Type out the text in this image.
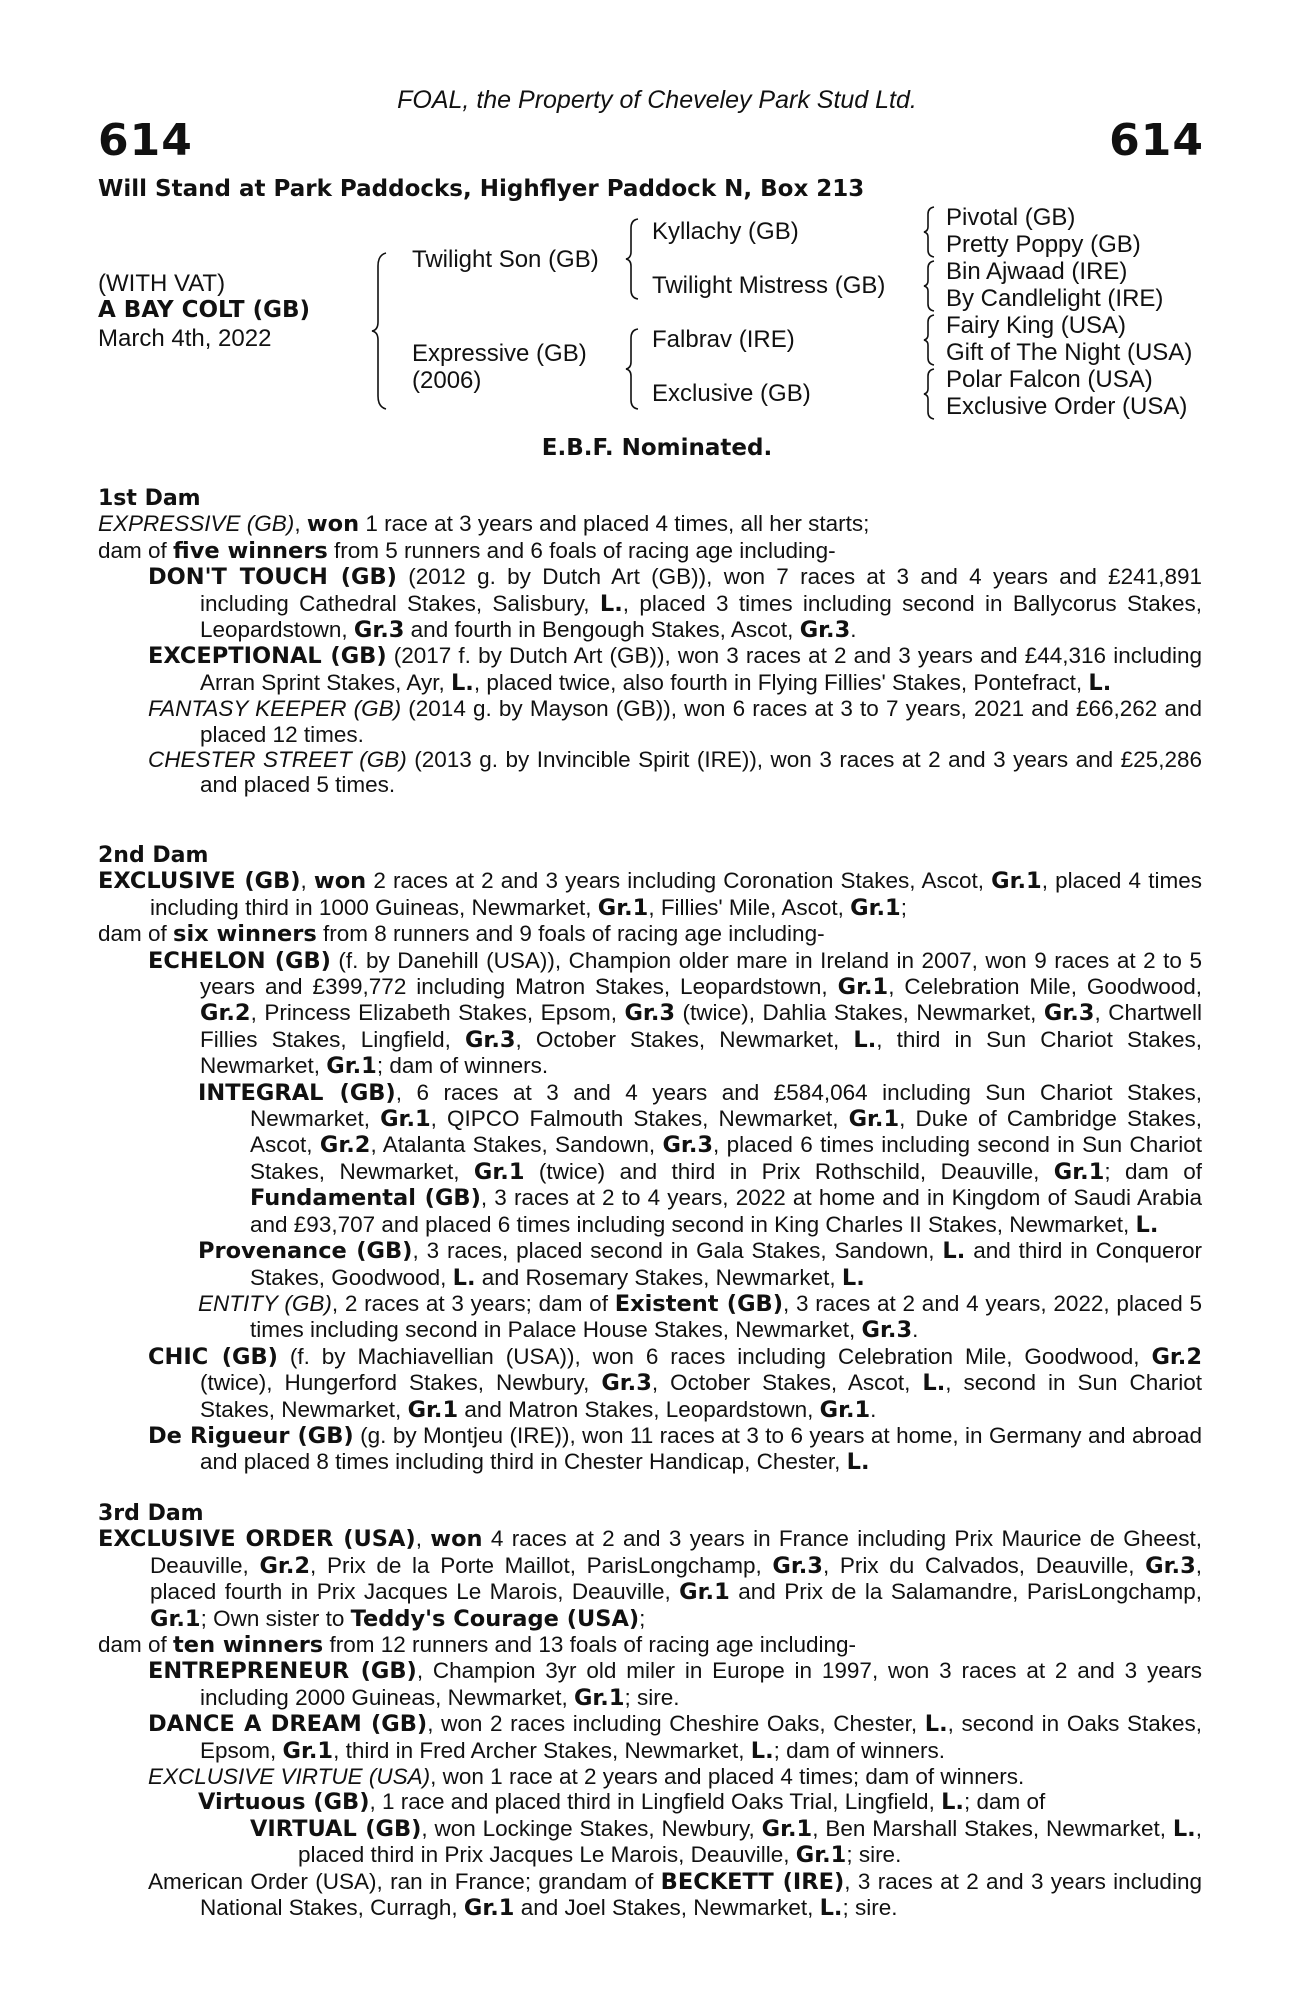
FOAL, the Property of Cheveley Park Stud Ltd.
614	614
Will Stand at Park Paddocks, Highflyer Paddock N, Box 213
(WITH VAT)
A BAY COLT (GB)
March 4th, 2022
Twilight Son (GB)
Expressive (GB)
(2006)
Kyllachy (GB)
Twilight Mistress (GB)
Falbrav (IRE)
Exclusive (GB)
Pivotal (GB)
Pretty Poppy (GB)
Bin Ajwaad (IRE)
By Candlelight (IRE)
Fairy King (USA)
Gift of The Night (USA)
Polar Falcon (USA)
Exclusive Order (USA)
E.B.F. Nominated.

1st Dam

EXPRESSIVE (GB), won 1 race at 3 years and placed 4 times, all her starts;

dam of five winners from 5 runners and 6 foals of racing age including-

DON'T TOUCH (GB) (2012 g. by Dutch Art (GB)), won 7 races at 3 and 4 years and £241,891 including Cathedral Stakes, Salisbury, L., placed 3 times including second in Ballycorus Stakes, Leopardstown, Gr.3 and fourth in Bengough Stakes, Ascot, Gr.3.

EXCEPTIONAL (GB) (2017 f. by Dutch Art (GB)), won 3 races at 2 and 3 years and £44,316 including Arran Sprint Stakes, Ayr, L., placed twice, also fourth in Flying Fillies' Stakes, Pontefract, L.

FANTASY KEEPER (GB) (2014 g. by Mayson (GB)), won 6 races at 3 to 7 years, 2021 and £66,262 and placed 12 times.

CHESTER STREET (GB) (2013 g. by Invincible Spirit (IRE)), won 3 races at 2 and 3 years and £25,286 and placed 5 times.

2nd Dam

EXCLUSIVE (GB), won 2 races at 2 and 3 years including Coronation Stakes, Ascot, Gr.1, placed 4 times including third in 1000 Guineas, Newmarket, Gr.1, Fillies' Mile, Ascot, Gr.1;

dam of six winners from 8 runners and 9 foals of racing age including-

ECHELON (GB) (f. by Danehill (USA)), Champion older mare in Ireland in 2007, won 9 races at 2 to 5 years and £399,772 including Matron Stakes, Leopardstown, Gr.1, Celebration Mile, Goodwood, Gr.2, Princess Elizabeth Stakes, Epsom, Gr.3 (twice), Dahlia Stakes, Newmarket, Gr.3, Chartwell Fillies Stakes, Lingfield, Gr.3, October Stakes, Newmarket, L., third in Sun Chariot Stakes, Newmarket, Gr.1; dam of winners.

INTEGRAL (GB), 6 races at 3 and 4 years and £584,064 including Sun Chariot Stakes, Newmarket, Gr.1, QIPCO Falmouth Stakes, Newmarket, Gr.1, Duke of Cambridge Stakes, Ascot, Gr.2, Atalanta Stakes, Sandown, Gr.3, placed 6 times including second in Sun Chariot Stakes, Newmarket, Gr.1 (twice) and third in Prix Rothschild, Deauville, Gr.1; dam of Fundamental (GB), 3 races at 2 to 4 years, 2022 at home and in Kingdom of Saudi Arabia and £93,707 and placed 6 times including second in King Charles II Stakes, Newmarket, L.

Provenance (GB), 3 races, placed second in Gala Stakes, Sandown, L. and third in Conqueror Stakes, Goodwood, L. and Rosemary Stakes, Newmarket, L.

ENTITY (GB), 2 races at 3 years; dam of Existent (GB), 3 races at 2 and 4 years, 2022, placed 5 times including second in Palace House Stakes, Newmarket, Gr.3.

CHIC (GB) (f. by Machiavellian (USA)), won 6 races including Celebration Mile, Goodwood, Gr.2 (twice), Hungerford Stakes, Newbury, Gr.3, October Stakes, Ascot, L., second in Sun Chariot Stakes, Newmarket, Gr.1 and Matron Stakes, Leopardstown, Gr.1.

De Rigueur (GB) (g. by Montjeu (IRE)), won 11 races at 3 to 6 years at home, in Germany and abroad and placed 8 times including third in Chester Handicap, Chester, L.

3rd Dam

EXCLUSIVE ORDER (USA), won 4 races at 2 and 3 years in France including Prix Maurice de Gheest, Deauville, Gr.2, Prix de la Porte Maillot, ParisLongchamp, Gr.3, Prix du Calvados, Deauville, Gr.3, placed fourth in Prix Jacques Le Marois, Deauville, Gr.1 and Prix de la Salamandre, ParisLongchamp, Gr.1; Own sister to Teddy's Courage (USA);

dam of ten winners from 12 runners and 13 foals of racing age including-

ENTREPRENEUR (GB), Champion 3yr old miler in Europe in 1997, won 3 races at 2 and 3 years including 2000 Guineas, Newmarket, Gr.1; sire.

DANCE A DREAM (GB), won 2 races including Cheshire Oaks, Chester, L., second in Oaks Stakes, Epsom, Gr.1, third in Fred Archer Stakes, Newmarket, L.; dam of winners.

EXCLUSIVE VIRTUE (USA), won 1 race at 2 years and placed 4 times; dam of winners.

Virtuous (GB), 1 race and placed third in Lingfield Oaks Trial, Lingfield, L.; dam of

VIRTUAL (GB), won Lockinge Stakes, Newbury, Gr.1, Ben Marshall Stakes, Newmarket, L., placed third in Prix Jacques Le Marois, Deauville, Gr.1; sire.

American Order (USA), ran in France; grandam of BECKETT (IRE), 3 races at 2 and 3 years including National Stakes, Curragh, Gr.1 and Joel Stakes, Newmarket, L.; sire.
